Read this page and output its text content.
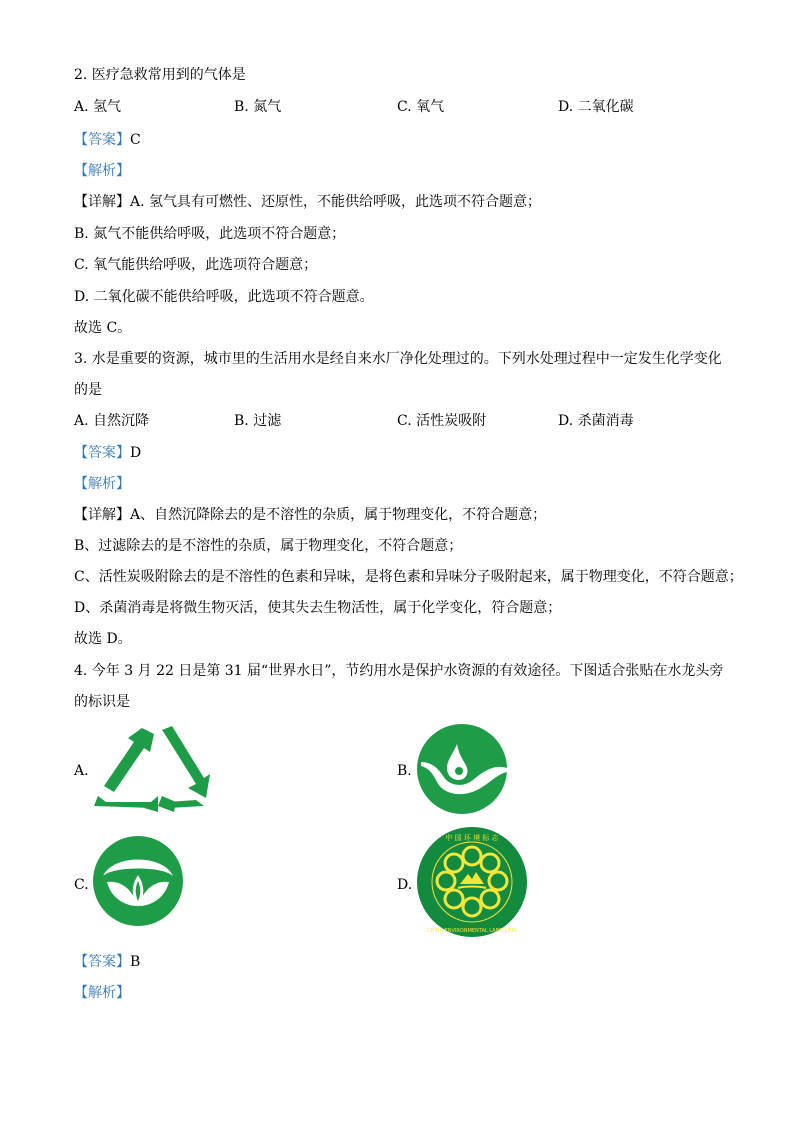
2. 医疗急救常用到的气体是
A. 氢气	B. 氮气	C. 氧气	D. 二氧化碳
【答案】C
【解析】
【详解】A. 氢气具有可燃性、还原性，不能供给呼吸，此选项不符合题意；
B. 氮气不能供给呼吸，此选项不符合题意；
C. 氧气能供给呼吸，此选项符合题意；
D. 二氧化碳不能供给呼吸，此选项不符合题意。
故选 C。
3. 水是重要的资源，城市里的生活用水是经自来水厂净化处理过的。下列水处理过程中一定发生化学变化
的是
A. 自然沉降	B. 过滤	C. 活性炭吸附	D. 杀菌消毒
【答案】D
【解析】
【详解】A、自然沉降除去的是不溶性的杂质，属于物理变化，不符合题意；
B、过滤除去的是不溶性的杂质，属于物理变化，不符合题意；
C、活性炭吸附除去的是不溶性的色素和异味，是将色素和异味分子吸附起来，属于物理变化，不符合题意；
D、杀菌消毒是将微生物灭活，使其失去生物活性，属于化学变化，符合题意；
故选 D。
4. 今年 3 月 22 日是第 31 届“世界水日”，节约用水是保护水资源的有效途径。下图适合张贴在水龙头旁
的标识是
A.	B.
C.	D.
中 国 环 境 标 志
CHINA ENVIRONMENTAL LABELLING
【答案】B
【解析】
